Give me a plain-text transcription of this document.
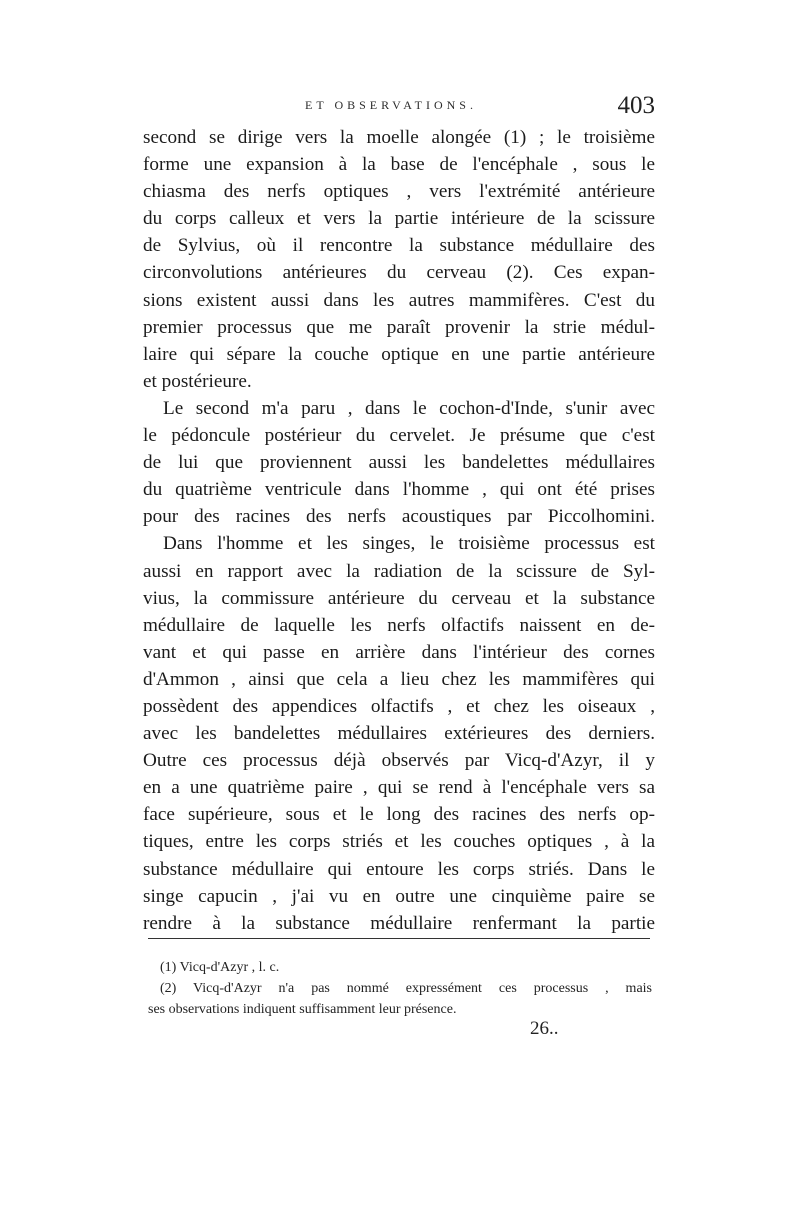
ET OBSERVATIONS.	403
second se dirige vers la moelle alongée (1) ; le troisième
forme une expansion à la base de l'encéphale , sous le
chiasma des nerfs optiques , vers l'extrémité antérieure
du corps calleux et vers la partie intérieure de la scissure
de Sylvius, où il rencontre la substance médullaire des
circonvolutions antérieures du cerveau (2). Ces expan-
sions existent aussi dans les autres mammifères. C'est du
premier processus que me paraît provenir la strie médul-
laire qui sépare la couche optique en une partie antérieure
et postérieure.
Le second m'a paru , dans le cochon-d'Inde, s'unir avec
le pédoncule postérieur du cervelet. Je présume que c'est
de lui que proviennent aussi les bandelettes médullaires
du quatrième ventricule dans l'homme , qui ont été prises
pour des racines des nerfs acoustiques par Piccolhomini.
Dans l'homme et les singes, le troisième processus est
aussi en rapport avec la radiation de la scissure de Syl-
vius, la commissure antérieure du cerveau et la substance
médullaire de laquelle les nerfs olfactifs naissent en de-
vant et qui passe en arrière dans l'intérieur des cornes
d'Ammon , ainsi que cela a lieu chez les mammifères qui
possèdent des appendices olfactifs , et chez les oiseaux ,
avec les bandelettes médullaires extérieures des derniers.
Outre ces processus déjà observés par Vicq-d'Azyr, il y
en a une quatrième paire , qui se rend à l'encéphale vers sa
face supérieure, sous et le long des racines des nerfs op-
tiques, entre les corps striés et les couches optiques , à la
substance médullaire qui entoure les corps striés. Dans le
singe capucin , j'ai vu en outre une cinquième paire se
rendre à la substance médullaire renfermant la partie
(1) Vicq-d'Azyr , l. c.
(2) Vicq-d'Azyr n'a pas nommé expressément ces processus , mais
ses observations indiquent suffisamment leur présence.
26..
